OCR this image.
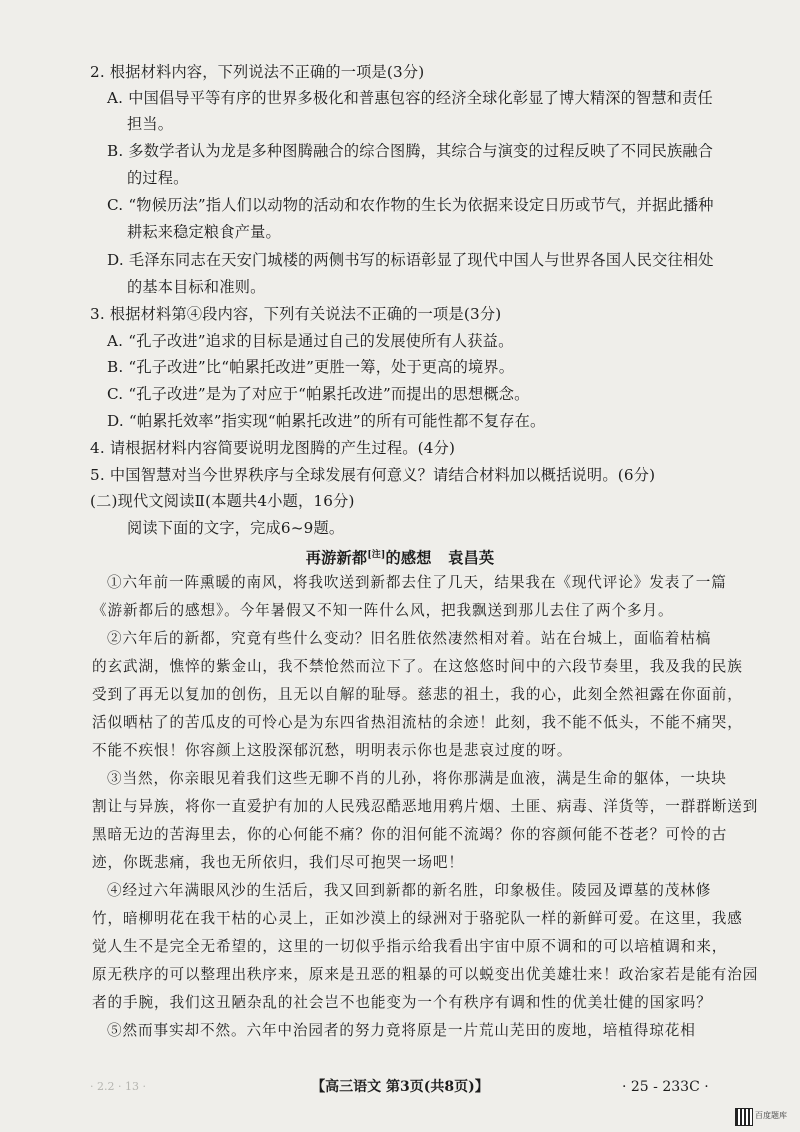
2. 根据材料内容，下列说法不正确的一项是(3分)
A. 中国倡导平等有序的世界多极化和普惠包容的经济全球化彰显了博大精深的智慧和责任
担当。
B. 多数学者认为龙是多种图腾融合的综合图腾，其综合与演变的过程反映了不同民族融合
的过程。
C. “物候历法”指人们以动物的活动和农作物的生长为依据来设定日历或节气，并据此播种
耕耘来稳定粮食产量。
D. 毛泽东同志在天安门城楼的两侧书写的标语彰显了现代中国人与世界各国人民交往相处
的基本目标和准则。
3. 根据材料第④段内容，下列有关说法不正确的一项是(3分)
A. “孔子改进”追求的目标是通过自己的发展使所有人获益。
B. “孔子改进”比“帕累托改进”更胜一筹，处于更高的境界。
C. “孔子改进”是为了对应于“帕累托改进”而提出的思想概念。
D. “帕累托效率”指实现“帕累托改进”的所有可能性都不复存在。
4. 请根据材料内容简要说明龙图腾的产生过程。(4分)
5. 中国智慧对当今世界秩序与全球发展有何意义？请结合材料加以概括说明。(6分)
(二)现代文阅读Ⅱ(本题共4小题，16分)
阅读下面的文字，完成6~9题。
再游新都[注]的感想 袁昌英
①六年前一阵熏暖的南风，将我吹送到新都去住了几天，结果我在《现代评论》发表了一篇
《游新都后的感想》。今年暑假又不知一阵什么风，把我飘送到那儿去住了两个多月。
②六年后的新都，究竟有些什么变动？旧名胜依然凄然相对着。站在台城上，面临着枯槁
的玄武湖，憔悴的紫金山，我不禁怆然而泣下了。在这悠悠时间中的六段节奏里，我及我的民族
受到了再无以复加的创伤，且无以自解的耻辱。慈悲的祖土，我的心，此刻全然袒露在你面前，
活似晒枯了的苦瓜皮的可怜心是为东四省热泪流枯的余迹！此刻，我不能不低头，不能不痛哭，
不能不疾恨！你容颜上这股深郁沉愁，明明表示你也是悲哀过度的呀。
③当然，你亲眼见着我们这些无聊不肖的儿孙，将你那满是血液，满是生命的躯体，一块块
割让与异族，将你一直爱护有加的人民残忍酷恶地用鸦片烟、土匪、病毒、洋货等，一群群断送到
黑暗无边的苦海里去，你的心何能不痛？你的泪何能不流竭？你的容颜何能不苍老？可怜的古
迹，你既悲痛，我也无所依归，我们尽可抱哭一场吧！
④经过六年满眼风沙的生活后，我又回到新都的新名胜，印象极佳。陵园及谭墓的茂林修
竹，暗柳明花在我干枯的心灵上，正如沙漠上的绿洲对于骆驼队一样的新鲜可爱。在这里，我感
觉人生不是完全无希望的，这里的一切似乎指示给我看出宇宙中原不调和的可以培植调和来，
原无秩序的可以整理出秩序来，原来是丑恶的粗暴的可以蜕变出优美雄壮来！政治家若是能有治园
者的手腕，我们这丑陋杂乱的社会岂不也能变为一个有秩序有调和性的优美壮健的国家吗？
⑤然而事实却不然。六年中治园者的努力竟将原是一片荒山芜田的废地，培植得琼花相
· 2.2 · 13 ·	【高三语文 第3页(共8页)】	· 25 - 233C ·
百度题库
